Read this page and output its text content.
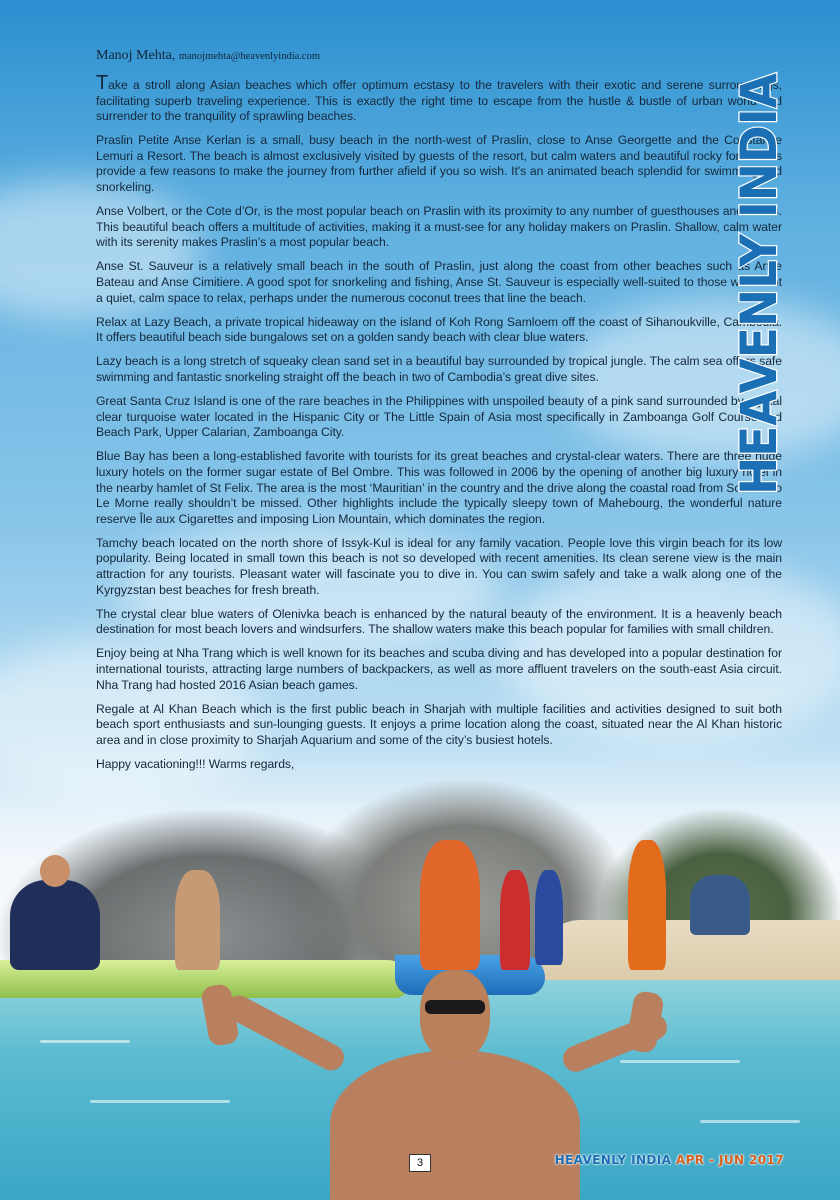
Manoj Mehta, manojmehta@heavenlyindia.com

Take a stroll along Asian beaches which offer optimum ecstasy to the travelers with their exotic and serene surroundings, facilitating superb traveling experience. This is exactly the right time to escape from the hustle & bustle of urban world and surrender to the tranquility of sprawling beaches.

Praslin Petite Anse Kerlan is a small, busy beach in the north-west of Praslin, close to Anse Georgette and the Constance Lemuri a Resort. The beach is almost exclusively visited by guests of the resort, but calm waters and beautiful rocky formations provide a few reasons to make the journey from further afield if you so wish. It's an animated beach splendid for swimming and snorkeling.

Anse Volbert, or the Cote d’Or, is the most popular beach on Praslin with its proximity to any number of guesthouses and hotels. This beautiful beach offers a multitude of activities, making it a must-see for any holiday makers on Praslin. Shallow, calm water with its serenity makes Praslin’s a most popular beach.

Anse St. Sauveur is a relatively small beach in the south of Praslin, just along the coast from other beaches such as Anse Bateau and Anse Cimitiere. A good spot for snorkeling and fishing, Anse St. Sauveur is especially well-suited to those who want a quiet, calm space to relax, perhaps under the numerous coconut trees that line the beach.

Relax at Lazy Beach, a private tropical hideaway on the island of Koh Rong Samloem off the coast of Sihanoukville, Cambodia. It offers beautiful beach side bungalows set on a golden sandy beach with clear blue waters.

Lazy beach is a long stretch of squeaky clean sand set in a beautiful bay surrounded by tropical jungle. The calm sea offers safe swimming and fantastic snorkeling straight off the beach in two of Cambodia’s great dive sites.

Great Santa Cruz Island is one of the rare beaches in the Philippines with unspoiled beauty of a pink sand surrounded by crystal clear turquoise water located in the Hispanic City or The Little Spain of Asia most specifically in Zamboanga Golf Course and Beach Park, Upper Calarian, Zamboanga City.

Blue Bay has been a long-established favorite with tourists for its great beaches and crystal-clear waters. There are three huge luxury hotels on the former sugar estate of Bel Ombre. This was followed in 2006 by the opening of another big luxury hotel in the nearby hamlet of St Felix. The area is the most ‘Mauritian’ in the country and the drive along the coastal road from Souillac to Le Morne really shouldn’t be missed. Other highlights include the typically sleepy town of Mahebourg, the wonderful nature reserve Île aux Cigarettes and imposing Lion Mountain, which dominates the region.

Tamchy beach located on the north shore of Issyk-Kul is ideal for any family vacation. People love this virgin beach for its low popularity. Being located in small town this beach is not so developed with recent amenities. Its clean serene view is the main attraction for any tourists. Pleasant water will fascinate you to dive in. You can swim safely and take a walk along one of the Kyrgyzstan best beaches for fresh breath.

The crystal clear blue waters of Olenivka beach is enhanced by the natural beauty of the environment. It is a heavenly beach destination for most beach lovers and windsurfers. The shallow waters make this beach popular for families with small children.

Enjoy being at Nha Trang which is well known for its beaches and scuba diving and has developed into a popular destination for international tourists, attracting large numbers of backpackers, as well as more affluent travelers on the south-east Asia circuit. Nha Trang had hosted 2016 Asian beach games.

Regale at Al Khan Beach which is the first public beach in Sharjah with multiple facilities and activities designed to suit both beach sport enthusiasts and sun-lounging guests. It enjoys a prime location along the coast, situated near the Al Khan historic area and in close proximity to Sharjah Aquarium and some of the city’s busiest hotels.

Happy vacationing!!! Warms regards,

HEAVENLY INDIA
3	HEAVENLY INDIA APR - JUN 2017
